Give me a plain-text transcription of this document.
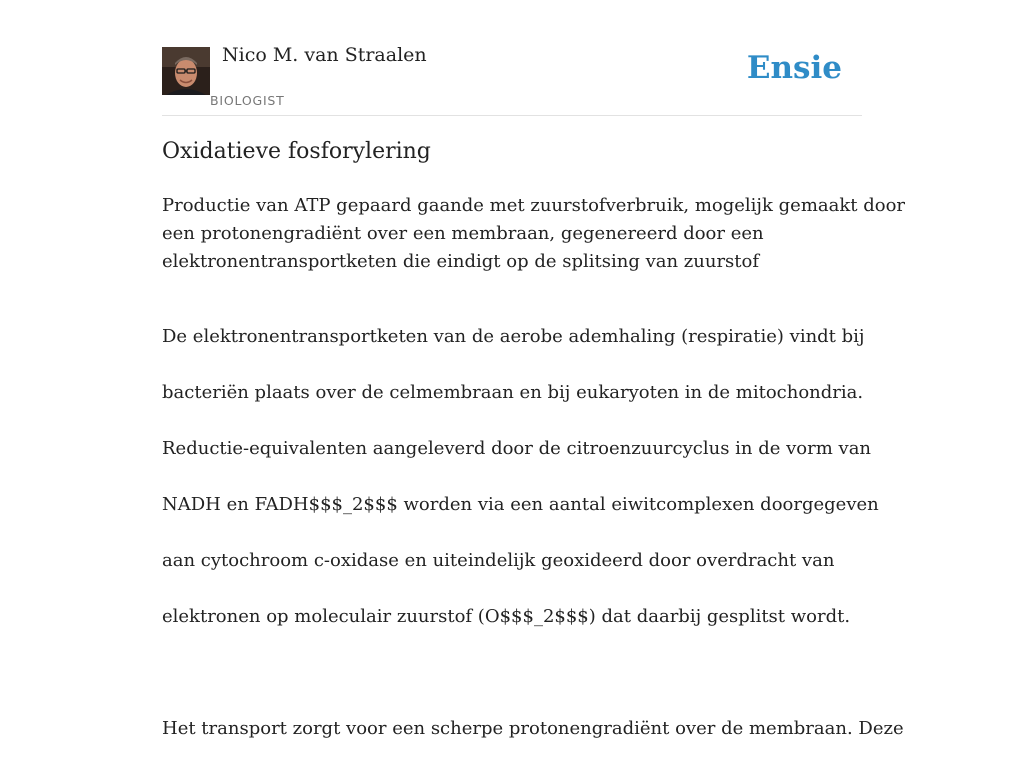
Nico M. van Straalen
BIOLOGIST
Ensie
Oxidatieve fosforylering

Productie van ATP gepaard gaande met zuurstofverbruik, mogelijk gemaakt door
een protonengradiënt over een membraan, gegenereerd door een
elektronentransportketen die eindigt op de splitsing van zuurstof

De elektronentransportketen van de aerobe ademhaling (respiratie) vindt bij

bacteriën plaats over de celmembraan en bij eukaryoten in de mitochondria.

Reductie-equivalenten aangeleverd door de citroenzuurcyclus in de vorm van

NADH en FADH$$$_2$$$ worden via een aantal eiwitcomplexen doorgegeven

aan cytochroom c-oxidase en uiteindelijk geoxideerd door overdracht van

elektronen op moleculair zuurstof (O$$$_2$$$) dat daarbij gesplitst wordt.

Het transport zorgt voor een scherpe protonengradiënt over de membraan. Deze
